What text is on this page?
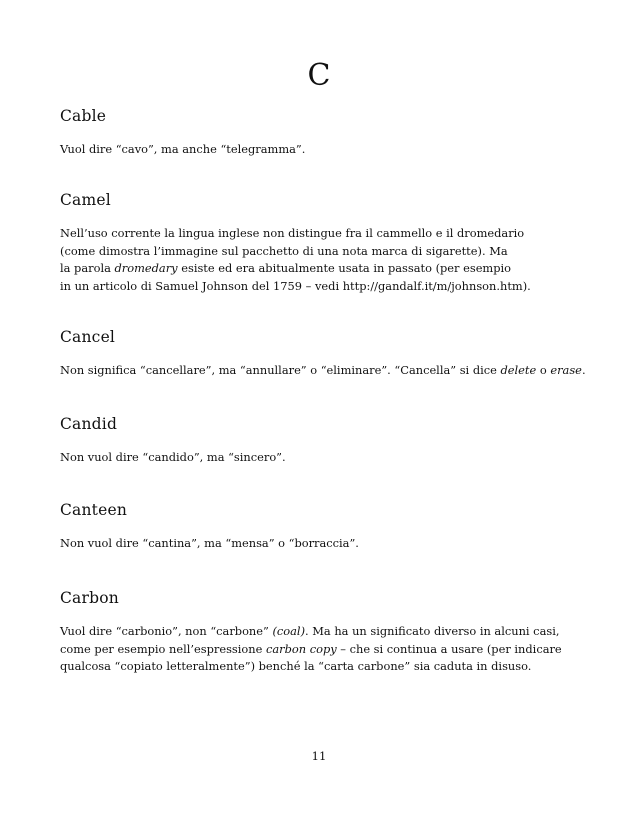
C
Cable
Vuol dire “cavo”, ma anche “telegramma”.
Camel
Nell’uso corrente la lingua inglese non distingue fra il cammello e il dromedario
(come dimostra l’immagine sul pacchetto di una nota marca di sigarette). Ma
la parola dromedary esiste ed era abitualmente usata in passato (per esempio
in un articolo di Samuel Johnson del 1759 – vedi http://gandalf.it/m/johnson.htm).
Cancel
Non significa “cancellare”, ma “annullare” o “eliminare”. “Cancella” si dice delete o erase.
Candid
Non vuol dire “candido”, ma “sincero”.
Canteen
Non vuol dire “cantina”, ma “mensa” o “borraccia”.
Carbon
Vuol dire “carbonio”, non “carbone” (coal). Ma ha un significato diverso in alcuni casi,
come per esempio nell’espressione carbon copy – che si continua a usare (per indicare
qualcosa “copiato letteralmente”) benché la “carta carbone” sia caduta in disuso.
11
